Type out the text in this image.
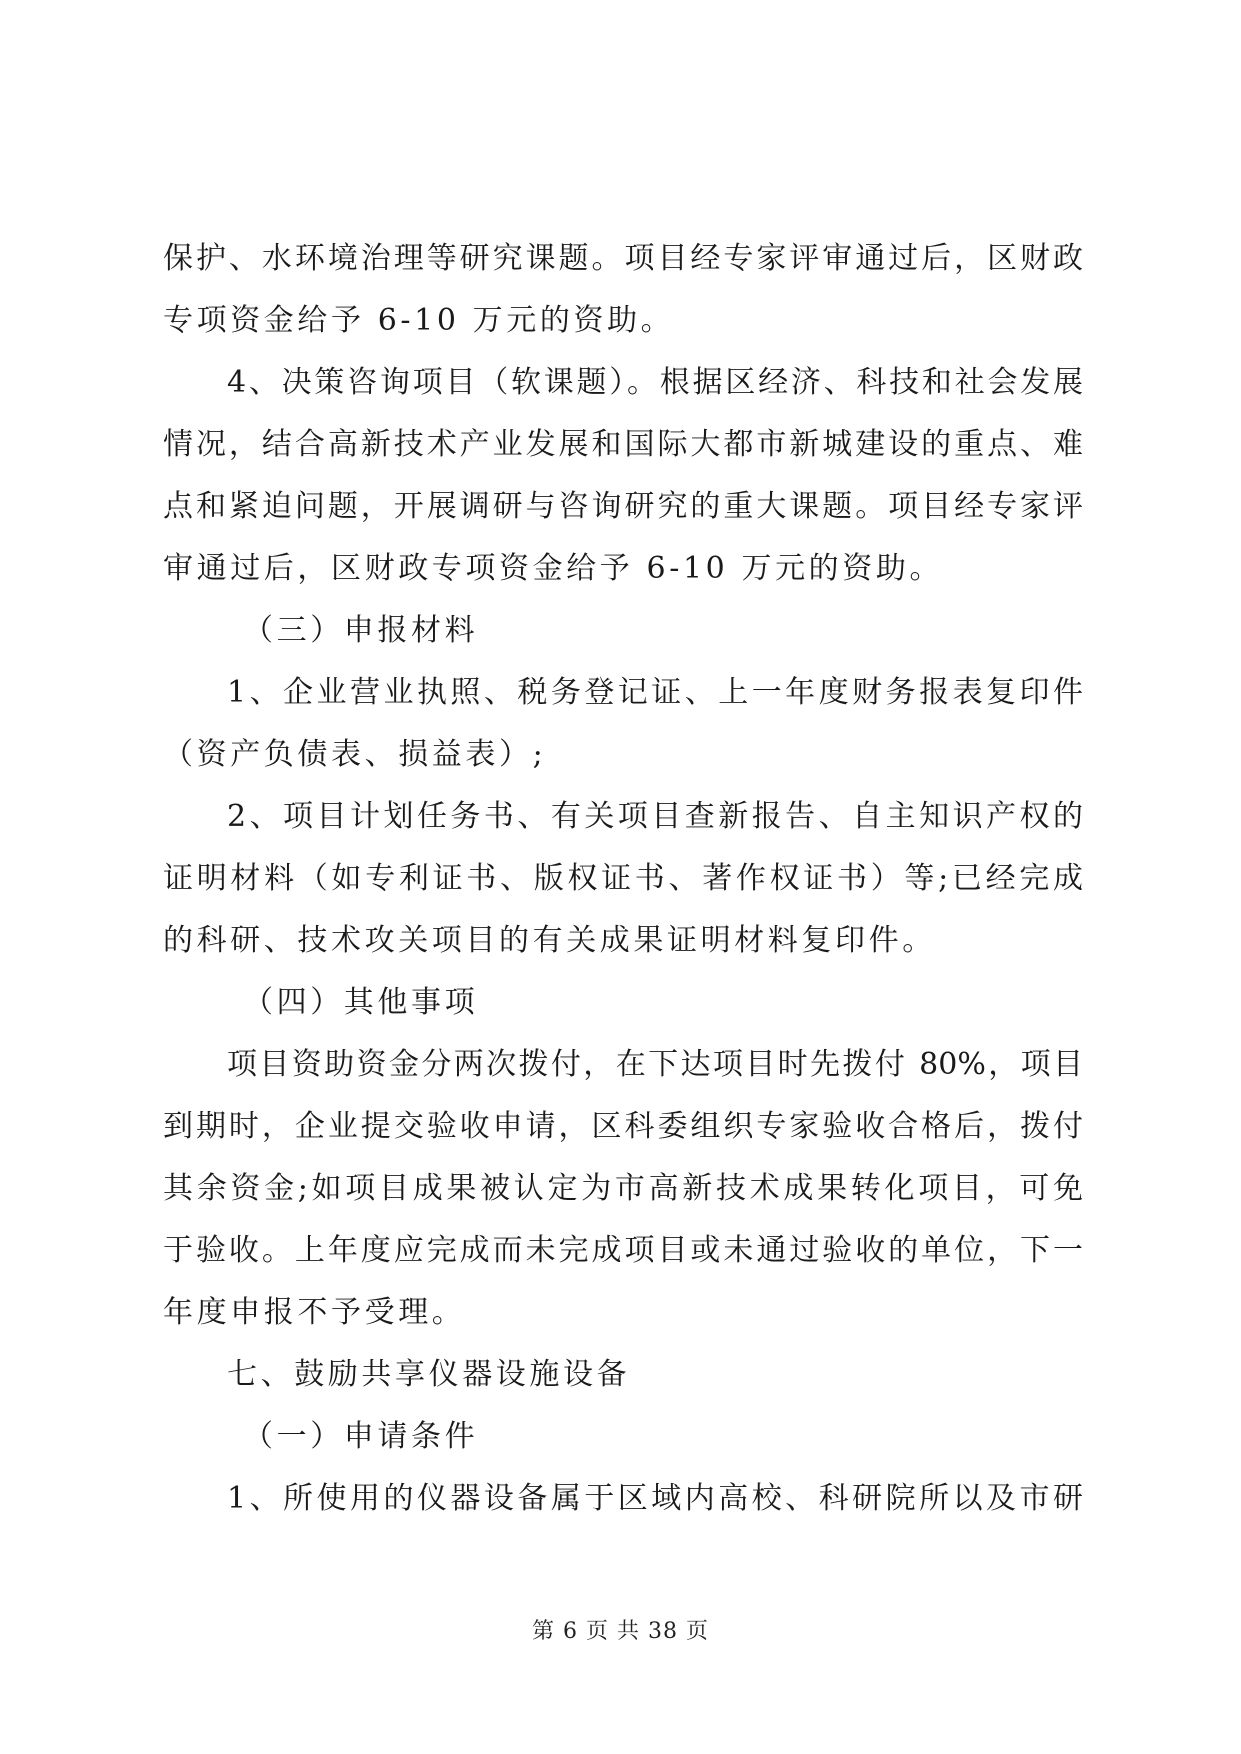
保护、水环境治理等研究课题。项目经专家评审通过后，区财政
专项资金给予 6-10 万元的资助。
4、决策咨询项目（软课题）。根据区经济、科技和社会发展
情况，结合高新技术产业发展和国际大都市新城建设的重点、难
点和紧迫问题，开展调研与咨询研究的重大课题。项目经专家评
审通过后，区财政专项资金给予 6-10 万元的资助。
（三）申报材料
1、企业营业执照、税务登记证、上一年度财务报表复印件
（资产负债表、损益表）;
2、项目计划任务书、有关项目查新报告、自主知识产权的
证明材料（如专利证书、版权证书、著作权证书）等;已经完成
的科研、技术攻关项目的有关成果证明材料复印件。
（四）其他事项
项目资助资金分两次拨付，在下达项目时先拨付 80%，项目
到期时，企业提交验收申请，区科委组织专家验收合格后，拨付
其余资金;如项目成果被认定为市高新技术成果转化项目，可免
于验收。上年度应完成而未完成项目或未通过验收的单位，下一
年度申报不予受理。
七、鼓励共享仪器设施设备
（一）申请条件
1、所使用的仪器设备属于区域内高校、科研院所以及市研
第 6 页 共 38 页
